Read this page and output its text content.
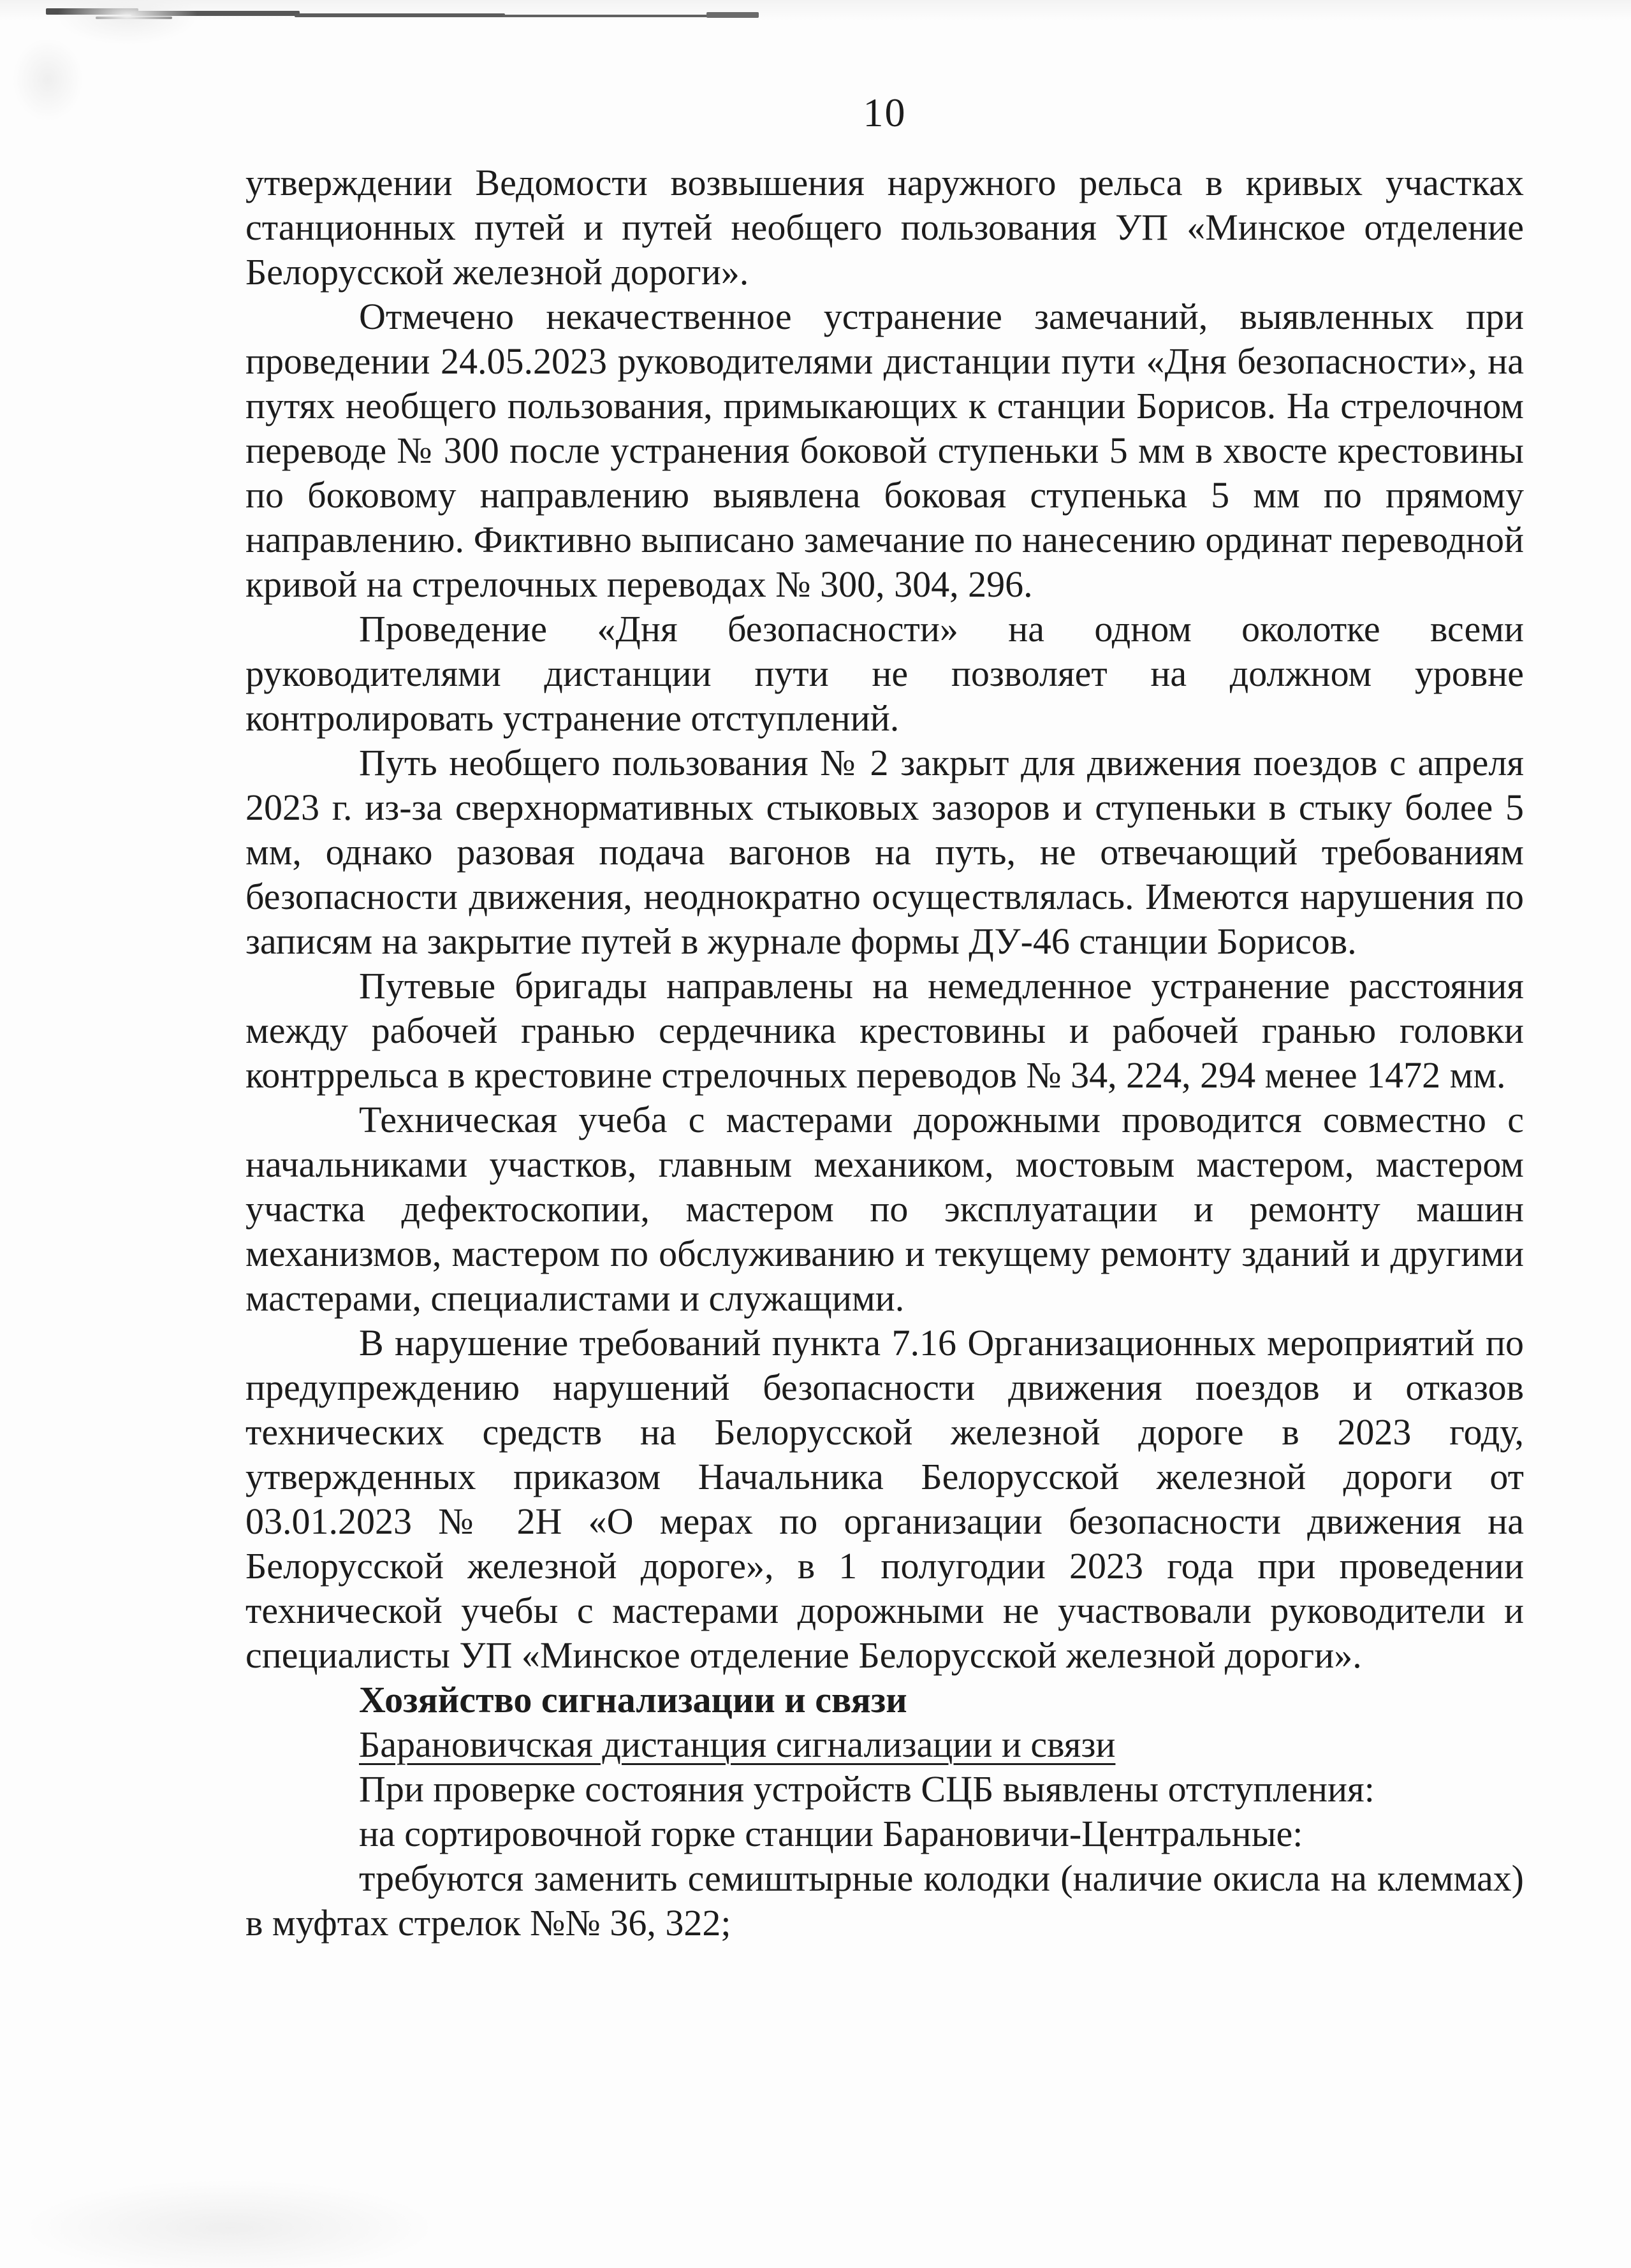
10

утверждении Ведомости возвышения наружного рельса в кривых участках станционных путей и путей необщего пользования УП «Минское отделение Белорусской железной дороги».

Отмечено некачественное устранение замечаний, выявленных при проведении 24.05.2023 руководителями дистанции пути «Дня безопасности», на путях необщего пользования, примыкающих к станции Борисов. На стрелочном переводе № 300 после устранения боковой ступеньки 5 мм в хвосте крестовины по боковому направлению выявлена боковая ступенька 5 мм по прямому направлению. Фиктивно выписано замечание по нанесению ординат переводной кривой на стрелочных переводах № 300, 304, 296.

Проведение «Дня безопасности» на одном околотке всеми руководителями дистанции пути не позволяет на должном уровне контролировать устранение отступлений.

Путь необщего пользования № 2 закрыт для движения поездов с апреля 2023 г. из-за сверхнормативных стыковых зазоров и ступеньки в стыку более 5 мм, однако разовая подача вагонов на путь, не отвечающий требованиям безопасности движения, неоднократно осуществлялась. Имеются нарушения по записям на закрытие путей в журнале формы ДУ-46 станции Борисов.

Путевые бригады направлены на немедленное устранение расстояния между рабочей гранью сердечника крестовины и рабочей гранью головки контррельса в крестовине стрелочных переводов № 34, 224, 294 менее 1472 мм.

Техническая учеба с мастерами дорожными проводится совместно с начальниками участков, главным механиком, мостовым мастером, мастером участка дефектоскопии, мастером по эксплуатации и ремонту машин механизмов, мастером по обслуживанию и текущему ремонту зданий и другими мастерами, специалистами и служащими.

В нарушение требований пункта 7.16 Организационных мероприятий по предупреждению нарушений безопасности движения поездов и отказов технических средств на Белорусской железной дороге в 2023 году, утвержденных приказом Начальника Белорусской железной дороги от 03.01.2023 № 2Н «О мерах по организации безопасности движения на Белорусской железной дороге», в 1 полугодии 2023 года при проведении технической учебы с мастерами дорожными не участвовали руководители и специалисты УП «Минское отделение Белорусской железной дороги».

Хозяйство сигнализации и связи

Барановичская дистанция сигнализации и связи

При проверке состояния устройств СЦБ выявлены отступления:

на сортировочной горке станции Барановичи-Центральные:

требуются заменить семиштырные колодки (наличие окисла на клеммах) в муфтах стрелок №№ 36, 322;
